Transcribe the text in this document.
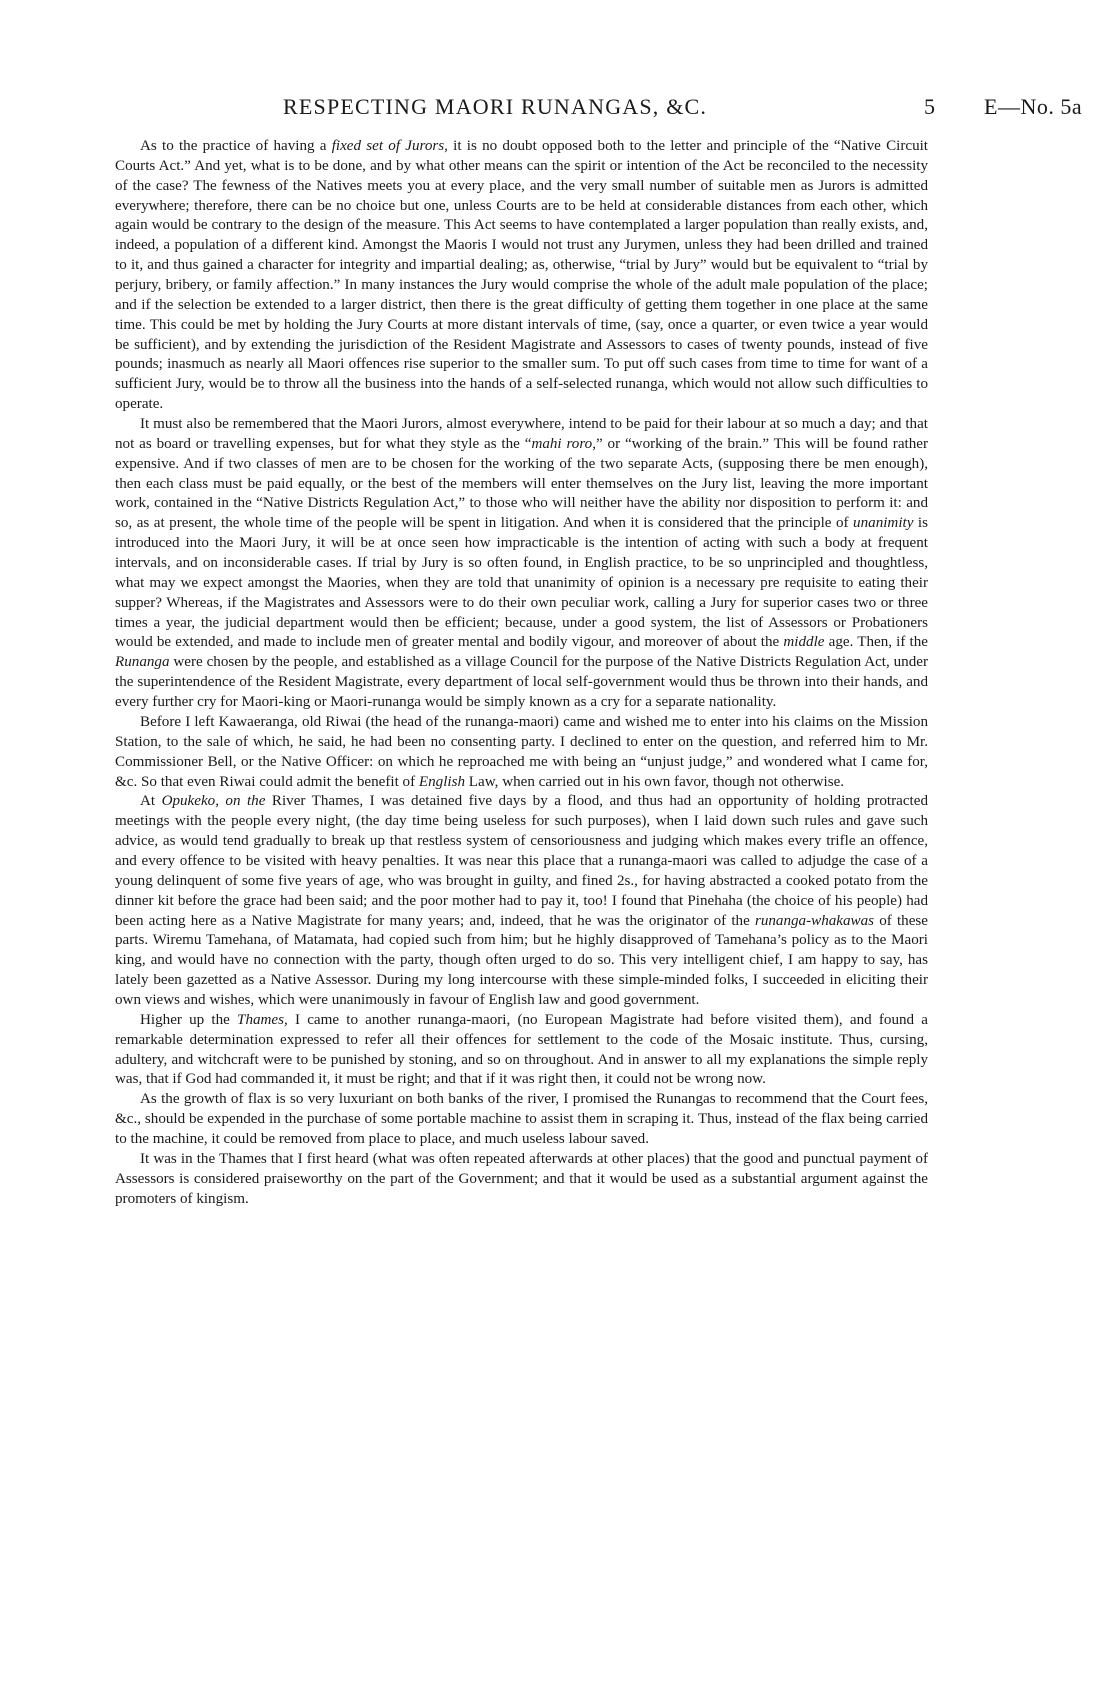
RESPECTING MAORI RUNANGAS, &C.	5 E—No. 5a

As to the practice of having a fixed set of Jurors, it is no doubt opposed both to the letter and principle of the “Native Circuit Courts Act.” And yet, what is to be done, and by what other means can the spirit or intention of the Act be reconciled to the necessity of the case? The fewness of the Natives meets you at every place, and the very small number of suitable men as Jurors is admitted everywhere; therefore, there can be no choice but one, unless Courts are to be held at considerable distances from each other, which again would be contrary to the design of the measure. This Act seems to have contemplated a larger population than really exists, and, indeed, a population of a different kind. Amongst the Maoris I would not trust any Jurymen, unless they had been drilled and trained to it, and thus gained a character for integrity and impartial dealing; as, otherwise, “trial by Jury” would but be equivalent to “trial by perjury, bribery, or family affection.” In many instances the Jury would comprise the whole of the adult male population of the place; and if the selection be extended to a larger district, then there is the great difficulty of getting them together in one place at the same time. This could be met by holding the Jury Courts at more distant intervals of time, (say, once a quarter, or even twice a year would be sufficient), and by extending the jurisdiction of the Resident Magistrate and Assessors to cases of twenty pounds, instead of five pounds; inasmuch as nearly all Maori offences rise superior to the smaller sum. To put off such cases from time to time for want of a sufficient Jury, would be to throw all the business into the hands of a self-selected runanga, which would not allow such difficulties to operate.

It must also be remembered that the Maori Jurors, almost everywhere, intend to be paid for their labour at so much a day; and that not as board or travelling expenses, but for what they style as the “mahi roro,” or “working of the brain.” This will be found rather expensive. And if two classes of men are to be chosen for the working of the two separate Acts, (supposing there be men enough), then each class must be paid equally, or the best of the members will enter themselves on the Jury list, leaving the more important work, contained in the “Native Districts Regulation Act,” to those who will neither have the ability nor disposition to perform it: and so, as at present, the whole time of the people will be spent in litigation. And when it is considered that the principle of unanimity is introduced into the Maori Jury, it will be at once seen how impracticable is the intention of acting with such a body at frequent intervals, and on inconsiderable cases. If trial by Jury is so often found, in English practice, to be so unprincipled and thoughtless, what may we expect amongst the Maories, when they are told that unanimity of opinion is a necessary pre requisite to eating their supper? Whereas, if the Magistrates and Assessors were to do their own peculiar work, calling a Jury for superior cases two or three times a year, the judicial department would then be efficient; because, under a good system, the list of Assessors or Probationers would be extended, and made to include men of greater mental and bodily vigour, and moreover of about the middle age. Then, if the Runanga were chosen by the people, and established as a village Council for the purpose of the Native Districts Regulation Act, under the superintendence of the Resident Magistrate, every department of local self-government would thus be thrown into their hands, and every further cry for Maori-king or Maori-runanga would be simply known as a cry for a separate nationality.

Before I left Kawaeranga, old Riwai (the head of the runanga-maori) came and wished me to enter into his claims on the Mission Station, to the sale of which, he said, he had been no consenting party. I declined to enter on the question, and referred him to Mr. Commissioner Bell, or the Native Officer: on which he reproached me with being an “unjust judge,” and wondered what I came for, &c. So that even Riwai could admit the benefit of English Law, when carried out in his own favor, though not otherwise.

At Opukeko, on the River Thames, I was detained five days by a flood, and thus had an opportunity of holding protracted meetings with the people every night, (the day time being useless for such purposes), when I laid down such rules and gave such advice, as would tend gradually to break up that restless system of censoriousness and judging which makes every trifle an offence, and every offence to be visited with heavy penalties. It was near this place that a runanga-maori was called to adjudge the case of a young delinquent of some five years of age, who was brought in guilty, and fined 2s., for having abstracted a cooked potato from the dinner kit before the grace had been said; and the poor mother had to pay it, too! I found that Pinehaha (the choice of his people) had been acting here as a Native Magistrate for many years; and, indeed, that he was the originator of the runanga-whakawas of these parts. Wiremu Tamehana, of Matamata, had copied such from him; but he highly disapproved of Tamehana’s policy as to the Maori king, and would have no connection with the party, though often urged to do so. This very intelligent chief, I am happy to say, has lately been gazetted as a Native Assessor. During my long intercourse with these simple-minded folks, I succeeded in eliciting their own views and wishes, which were unanimously in favour of English law and good government.

Higher up the Thames, I came to another runanga-maori, (no European Magistrate had before visited them), and found a remarkable determination expressed to refer all their offences for settlement to the code of the Mosaic institute. Thus, cursing, adultery, and witchcraft were to be punished by stoning, and so on throughout. And in answer to all my explanations the simple reply was, that if God had commanded it, it must be right; and that if it was right then, it could not be wrong now.

As the growth of flax is so very luxuriant on both banks of the river, I promised the Runangas to recommend that the Court fees, &c., should be expended in the purchase of some portable machine to assist them in scraping it. Thus, instead of the flax being carried to the machine, it could be removed from place to place, and much useless labour saved.

It was in the Thames that I first heard (what was often repeated afterwards at other places) that the good and punctual payment of Assessors is considered praiseworthy on the part of the Government; and that it would be used as a substantial argument against the promoters of kingism.
